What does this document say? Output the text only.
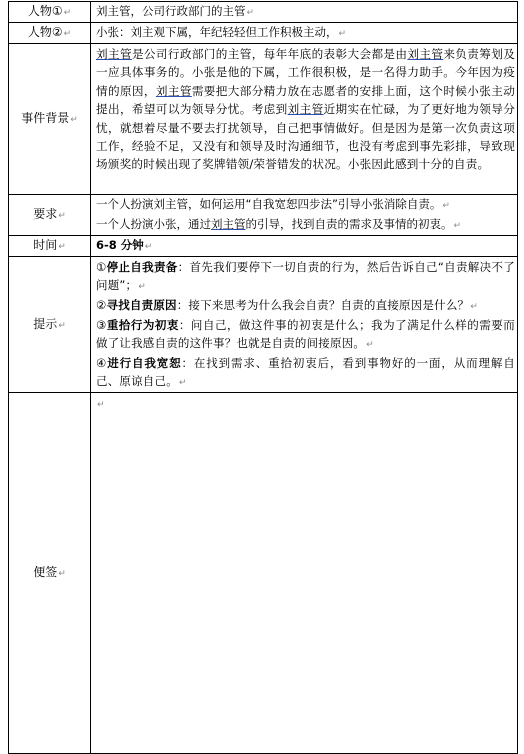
人物①↵	刘主管，公司行政部门的主管↵
人物②↵	小张：刘主观下属，年纪轻轻但工作积极主动，↵
事件背景↵	刘主管是公司行政部门的主管，每年年底的表彰大会都是由刘主管来负责筹划及一应具体事务的。小张是他的下属，工作很积极，是一名得力助手。今年因为疫情的原因，刘主管需要把大部分精力放在志愿者的安排上面，这个时候小张主动提出，希望可以为领导分忧。考虑到刘主管近期实在忙碌，为了更好地为领导分忧，就想着尽量不要去打扰领导，自己把事情做好。但是因为是第一次负责这项工作，经验不足，又没有和领导及时沟通细节，也没有考虑到事先彩排，导致现场颁奖的时候出现了奖牌错领/荣誉错发的状况。小张因此感到十分的自责。

要求↵	一个人扮演刘主管，如何运用“自我宽恕四步法”引导小张消除自责。↵

一个人扮演小张，通过刘主管的引导，找到自责的需求及事情的初衷。↵

时间↵	6-8 分钟↵
提示↵	①停止自我责备：首先我们要停下一切自责的行为，然后告诉自己“自责解决不了问题”；↵

②寻找自责原因：接下来思考为什么我会自责？自责的直接原因是什么？↵

③重拾行为初衷：问自己，做这件事的初衷是什么；我为了满足什么样的需要而做了让我感自责的这件事？也就是自责的间接原因。↵

④进行自我宽恕：在找到需求、重拾初衷后，看到事物好的一面，从而理解自己、原谅自己。↵

便签↵	↵
